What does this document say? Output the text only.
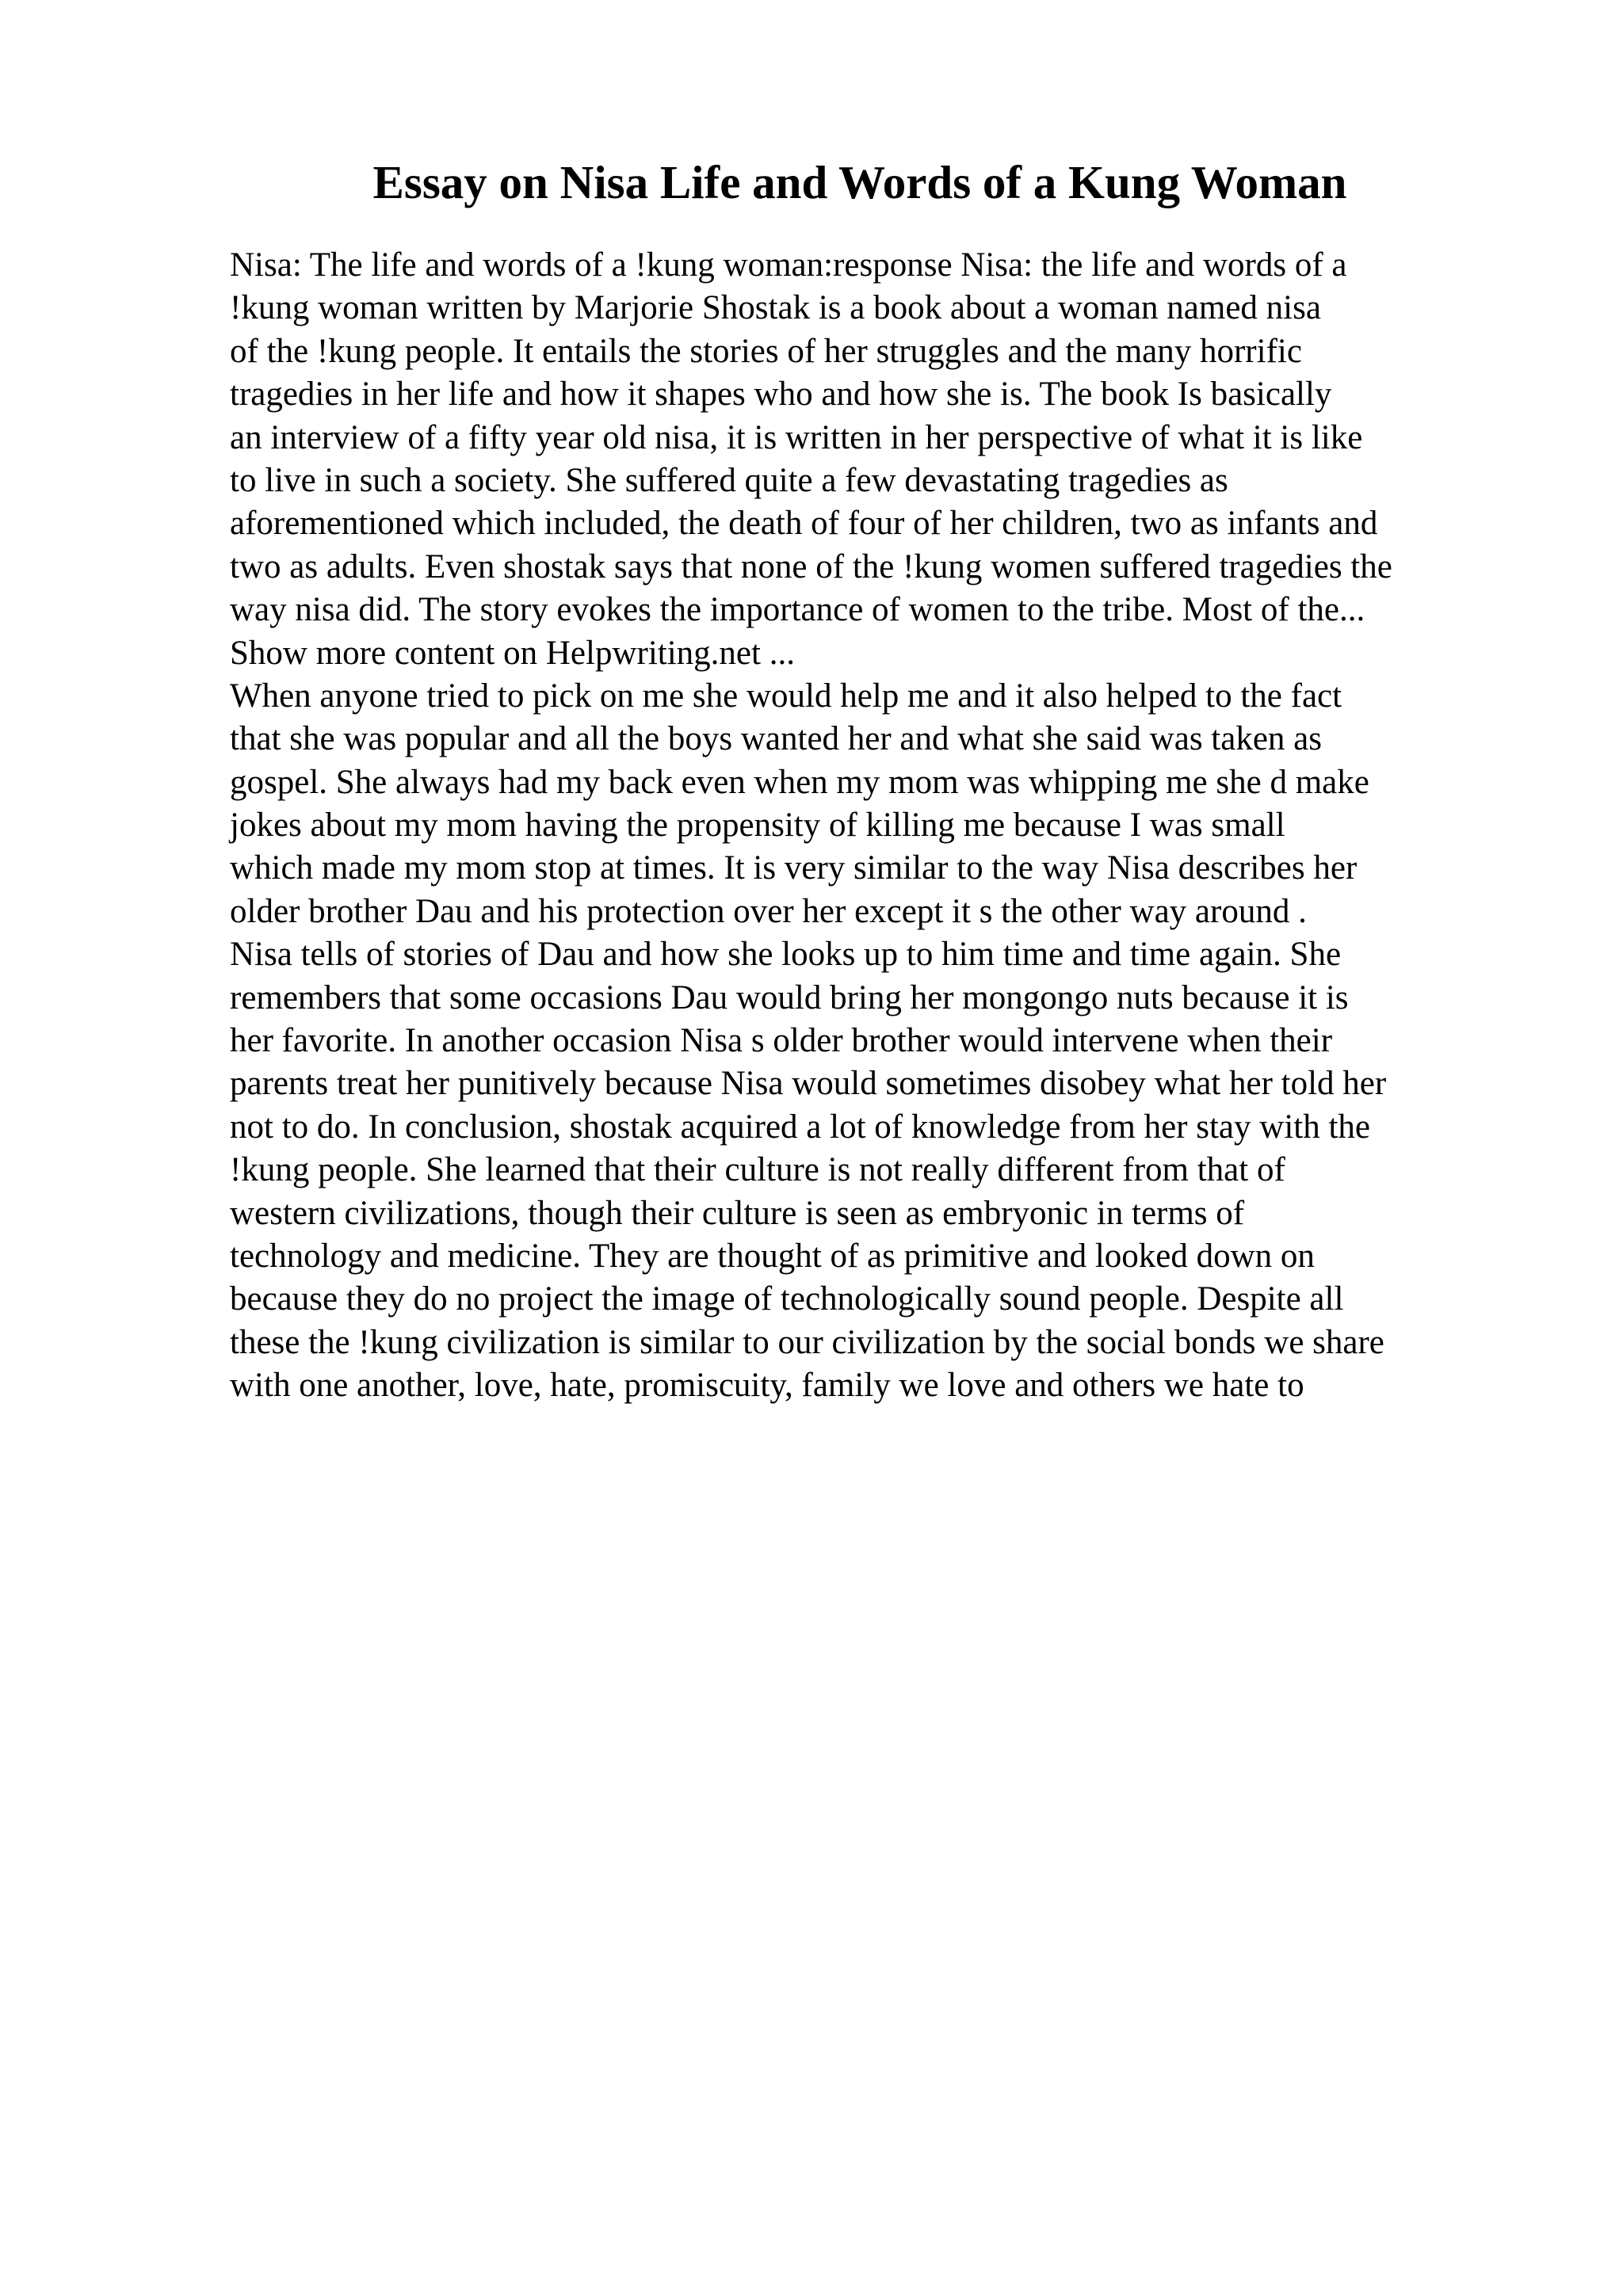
Essay on Nisa Life and Words of a Kung Woman
Nisa: The life and words of a !kung woman:response Nisa: the life and words of a
!kung woman written by Marjorie Shostak is a book about a woman named nisa
of the !kung people. It entails the stories of her struggles and the many horrific
tragedies in her life and how it shapes who and how she is. The book Is basically
an interview of a fifty year old nisa, it is written in her perspective of what it is like
to live in such a society. She suffered quite a few devastating tragedies as
aforementioned which included, the death of four of her children, two as infants and
two as adults. Even shostak says that none of the !kung women suffered tragedies the
way nisa did. The story evokes the importance of women to the tribe. Most of the...
Show more content on Helpwriting.net ...
When anyone tried to pick on me she would help me and it also helped to the fact
that she was popular and all the boys wanted her and what she said was taken as
gospel. She always had my back even when my mom was whipping me she d make
jokes about my mom having the propensity of killing me because I was small
which made my mom stop at times. It is very similar to the way Nisa describes her
older brother Dau and his protection over her except it s the other way around .
Nisa tells of stories of Dau and how she looks up to him time and time again. She
remembers that some occasions Dau would bring her mongongo nuts because it is
her favorite. In another occasion Nisa s older brother would intervene when their
parents treat her punitively because Nisa would sometimes disobey what her told her
not to do. In conclusion, shostak acquired a lot of knowledge from her stay with the
!kung people. She learned that their culture is not really different from that of
western civilizations, though their culture is seen as embryonic in terms of
technology and medicine. They are thought of as primitive and looked down on
because they do no project the image of technologically sound people. Despite all
these the !kung civilization is similar to our civilization by the social bonds we share
with one another, love, hate, promiscuity, family we love and others we hate to
